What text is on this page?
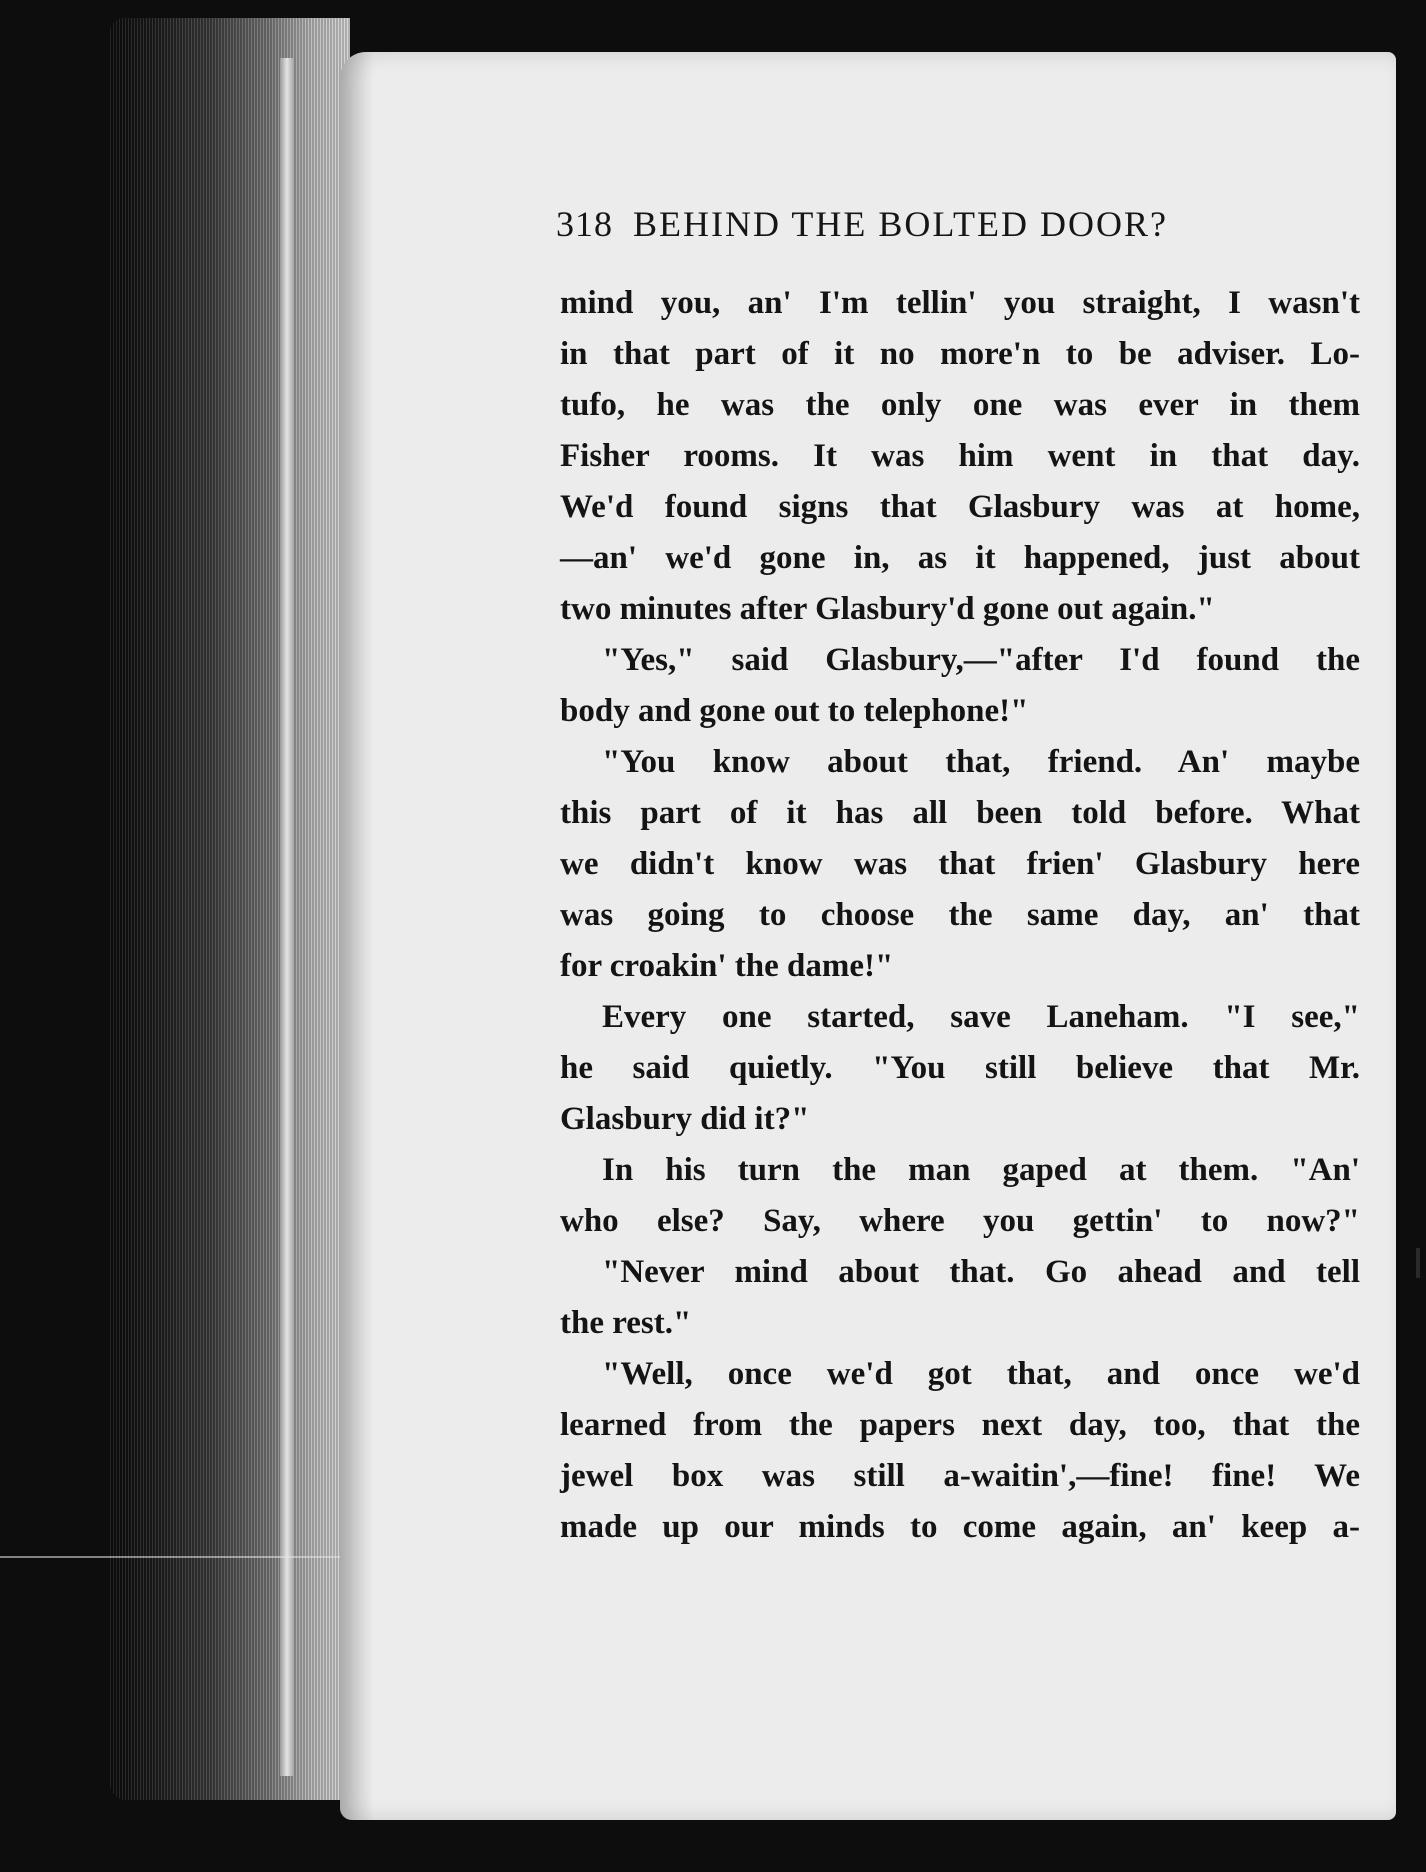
318 BEHIND THE BOLTED DOOR?
mind you, an' I'm tellin' you straight, I wasn't
in that part of it no more'n to be adviser. Lo-
tufo, he was the only one was ever in them
Fisher rooms. It was him went in that day.
We'd found signs that Glasbury was at home,
—an' we'd gone in, as it happened, just about
two minutes after Glasbury'd gone out again."
"Yes," said Glasbury,—"after I'd found the
body and gone out to telephone!"
"You know about that, friend. An' maybe
this part of it has all been told before. What
we didn't know was that frien' Glasbury here
was going to choose the same day, an' that
for croakin' the dame!"
Every one started, save Laneham. "I see,"
he said quietly. "You still believe that Mr.
Glasbury did it?"
In his turn the man gaped at them. "An'
who else? Say, where you gettin' to now?"
"Never mind about that. Go ahead and tell
the rest."
"Well, once we'd got that, and once we'd
learned from the papers next day, too, that the
jewel box was still a-waitin',—fine! fine! We
made up our minds to come again, an' keep a-
